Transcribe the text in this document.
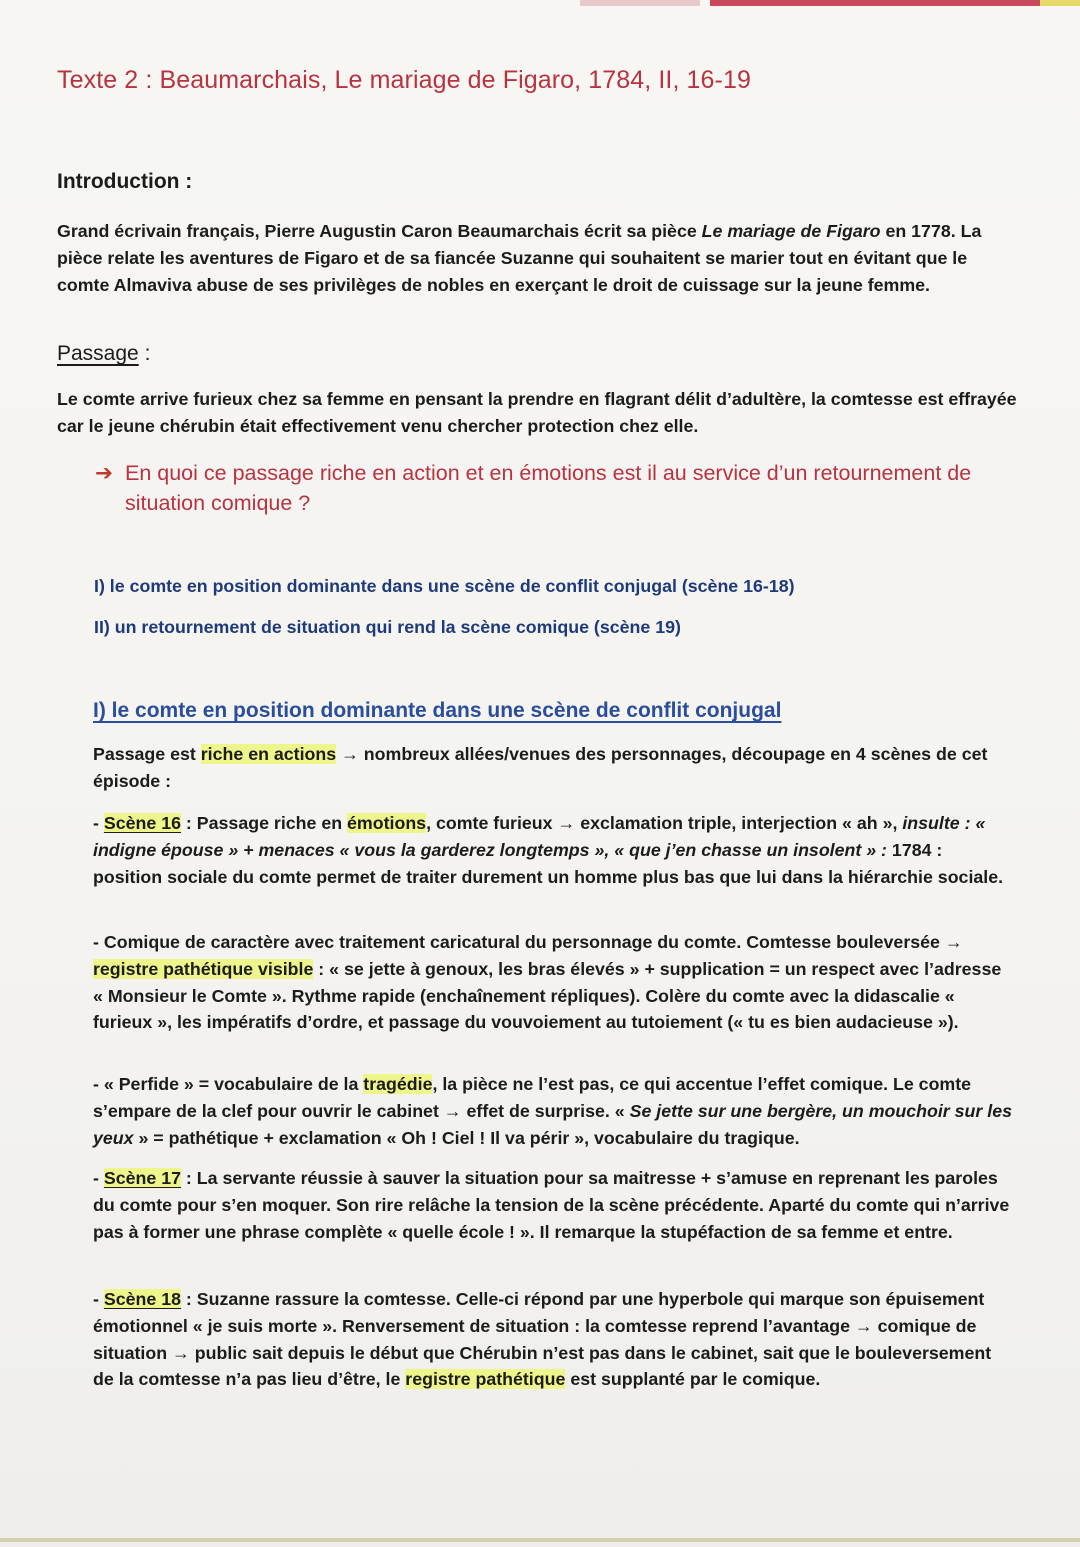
Texte 2 : Beaumarchais, Le mariage de Figaro, 1784, II, 16-19
Introduction :
Grand écrivain français, Pierre Augustin Caron Beaumarchais écrit sa pièce Le mariage de Figaro en 1778. La pièce relate les aventures de Figaro et de sa fiancée Suzanne qui souhaitent se marier tout en évitant que le comte Almaviva abuse de ses privilèges de nobles en exerçant le droit de cuissage sur la jeune femme.
Passage :
Le comte arrive furieux chez sa femme en pensant la prendre en flagrant délit d’adultère, la comtesse est effrayée car le jeune chérubin était effectivement venu chercher protection chez elle.
➔ En quoi ce passage riche en action et en émotions est il au service d’un retournement de situation comique ?
I) le comte en position dominante dans une scène de conflit conjugal (scène 16-18)
II) un retournement de situation qui rend la scène comique (scène 19)
I) le comte en position dominante dans une scène de conflit conjugal
Passage est riche en actions → nombreux allées/venues des personnages, découpage en 4 scènes de cet épisode :
- Scène 16 : Passage riche en émotions, comte furieux → exclamation triple, interjection « ah », insulte : « indigne épouse » + menaces « vous la garderez longtemps », « que j’en chasse un insolent » : 1784 : position sociale du comte permet de traiter durement un homme plus bas que lui dans la hiérarchie sociale.
- Comique de caractère avec traitement caricatural du personnage du comte. Comtesse bouleversée → registre pathétique visible : « se jette à genoux, les bras élevés » + supplication = un respect avec l’adresse « Monsieur le Comte ». Rythme rapide (enchaînement répliques). Colère du comte avec la didascalie « furieux », les impératifs d’ordre, et passage du vouvoiement au tutoiement (« tu es bien audacieuse »).
- « Perfide » = vocabulaire de la tragédie, la pièce ne l’est pas, ce qui accentue l’effet comique. Le comte s’empare de la clef pour ouvrir le cabinet → effet de surprise. « Se jette sur une bergère, un mouchoir sur les yeux » = pathétique + exclamation « Oh ! Ciel ! Il va périr », vocabulaire du tragique.
- Scène 17 : La servante réussie à sauver la situation pour sa maitresse + s’amuse en reprenant les paroles du comte pour s’en moquer. Son rire relâche la tension de la scène précédente. Aparté du comte qui n’arrive pas à former une phrase complète « quelle école ! ». Il remarque la stupéfaction de sa femme et entre.
- Scène 18 : Suzanne rassure la comtesse. Celle-ci répond par une hyperbole qui marque son épuisement émotionnel « je suis morte ». Renversement de situation : la comtesse reprend l’avantage → comique de situation → public sait depuis le début que Chérubin n’est pas dans le cabinet, sait que le bouleversement de la comtesse n’a pas lieu d’être, le registre pathétique est supplanté par le comique.
